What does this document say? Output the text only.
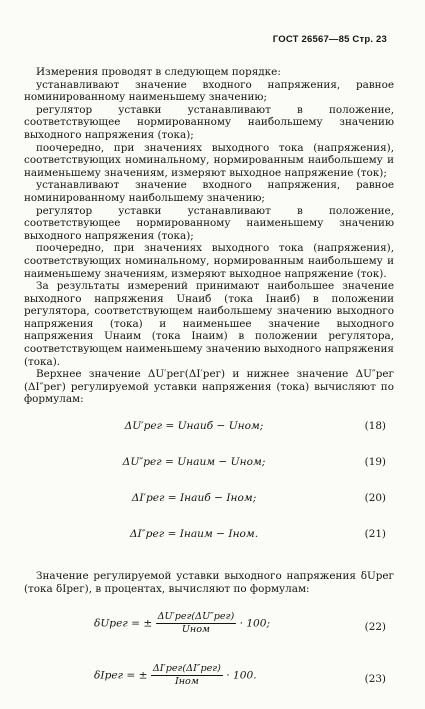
ГОСТ 26567—85 Стр. 23

Измерения проводят в следующем порядке:

устанавливают значение входного напряжения, равное номинированному наименьшему значению;

регулятор уставки устанавливают в положение, соответствующее нормированному наибольшему значению выходного напряжения (тока);

поочередно, при значениях выходного тока (напряжения), соответствующих номинальному, нормированным наибольшему и наименьшему значениям, измеряют выходное напряжение (ток);

устанавливают значение входного напряжения, равное номинированному наибольшему значению;

регулятор уставки устанавливают в положение, соответствующее нормированному наименьшему значению выходного напряжения (тока);

поочередно, при значениях выходного тока (напряжения), соответствующих номинальному, нормированным наибольшему и наименьшему значениям, измеряют выходное напряжение (ток).

За результаты измерений принимают наибольшее значение выходного напряжения Uнаиб (тока Iнаиб) в положении регулятора, соответствующем наибольшему значению выходного напряжения (тока) и наименьшее значение выходного напряжения Uнаим (тока Iнаим) в положении регулятора, соответствующем наименьшему значению выходного напряжения (тока).

Верхнее значение ΔU′рег(ΔI′рег) и нижнее значение ΔU″рег (ΔI″рег) регулируемой уставки напряжения (тока) вычисляют по формулам:

ΔU′рег = Uнаиб − Uном;	(18)
ΔU″рег = Uнаим − Uном;	(19)
ΔI′рег = Iнаиб − Iном;	(20)
ΔI″рег = Iнаим − Iном.	(21)

Значение регулируемой уставки выходного напряжения δUрег (тока δIрег), в процентах, вычисляют по формулам:

δUрег = ± $\frac{\text{ΔU′рег(ΔU″рег)}}{\text{Uном}} \cdot 100$;	(22)
δIрег = ± $\frac{\text{ΔI′рег(ΔI″рег)}}{\text{Iном}} \cdot 100$.	(23)
